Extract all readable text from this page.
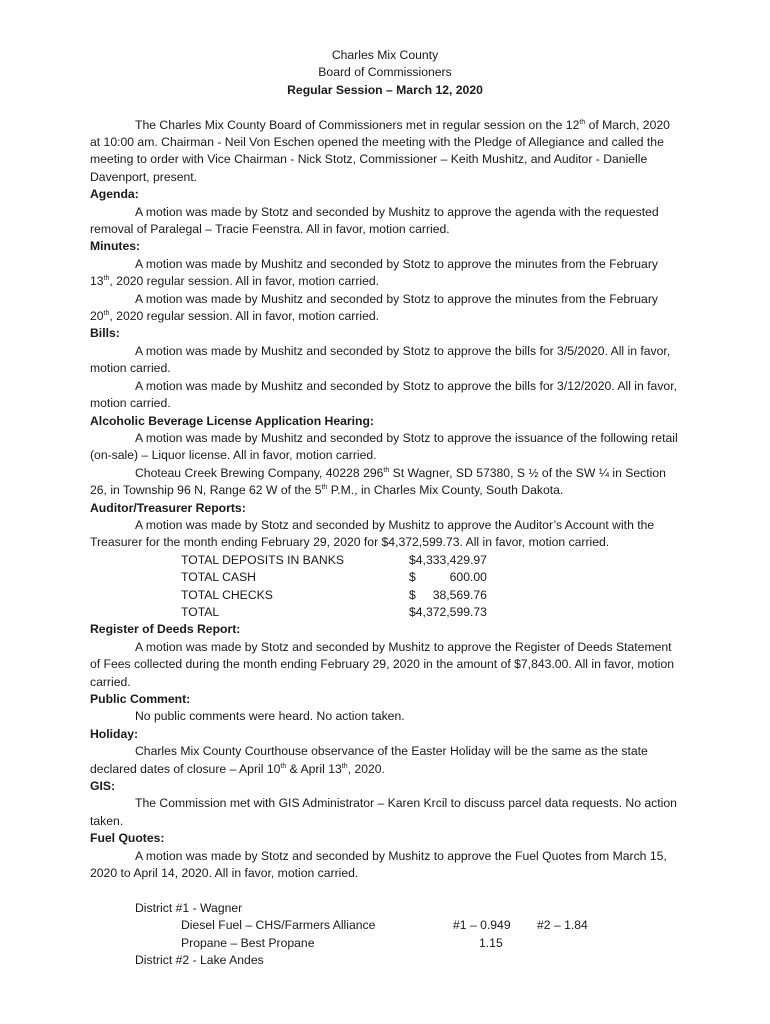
Charles Mix County

Board of Commissioners

Regular Session – March 12, 2020

The Charles Mix County Board of Commissioners met in regular session on the 12th of March, 2020 at 10:00 am. Chairman - Neil Von Eschen opened the meeting with the Pledge of Allegiance and called the meeting to order with Vice Chairman - Nick Stotz, Commissioner – Keith Mushitz, and Auditor - Danielle Davenport, present.

Agenda:

A motion was made by Stotz and seconded by Mushitz to approve the agenda with the requested removal of Paralegal – Tracie Feenstra. All in favor, motion carried.

Minutes:

A motion was made by Mushitz and seconded by Stotz to approve the minutes from the February 13th, 2020 regular session. All in favor, motion carried.

A motion was made by Mushitz and seconded by Stotz to approve the minutes from the February 20th, 2020 regular session. All in favor, motion carried.

Bills:

A motion was made by Mushitz and seconded by Stotz to approve the bills for 3/5/2020. All in favor, motion carried.

A motion was made by Mushitz and seconded by Stotz to approve the bills for 3/12/2020. All in favor, motion carried.

Alcoholic Beverage License Application Hearing:

A motion was made by Mushitz and seconded by Stotz to approve the issuance of the following retail (on-sale) – Liquor license. All in favor, motion carried.

Choteau Creek Brewing Company, 40228 296th St Wagner, SD 57380, S ½ of the SW ¼ in Section 26, in Township 96 N, Range 62 W of the 5th P.M., in Charles Mix County, South Dakota.

Auditor/Treasurer Reports:

A motion was made by Stotz and seconded by Mushitz to approve the Auditor’s Account with the Treasurer for the month ending February 29, 2020 for $4,372,599.73. All in favor, motion carried.

TOTAL DEPOSITS IN BANKS	$4,333,429.97
TOTAL CASH	$          600.00
TOTAL CHECKS	$     38,569.76
TOTAL	$4,372,599.73

Register of Deeds Report:

A motion was made by Stotz and seconded by Mushitz to approve the Register of Deeds Statement of Fees collected during the month ending February 29, 2020 in the amount of $7,843.00. All in favor, motion carried.

Public Comment:

No public comments were heard. No action taken.

Holiday:

Charles Mix County Courthouse observance of the Easter Holiday will be the same as the state declared dates of closure – April 10th & April 13th, 2020.

GIS:

The Commission met with GIS Administrator – Karen Krcil to discuss parcel data requests. No action taken.

Fuel Quotes:

A motion was made by Stotz and seconded by Mushitz to approve the Fuel Quotes from March 15, 2020 to April 14, 2020. All in favor, motion carried.

District #1 - Wagner

Diesel Fuel – CHS/Farmers Alliance	#1 – 0.949	#2 – 1.84
Propane – Best Propane	1.15

District #2 - Lake Andes
